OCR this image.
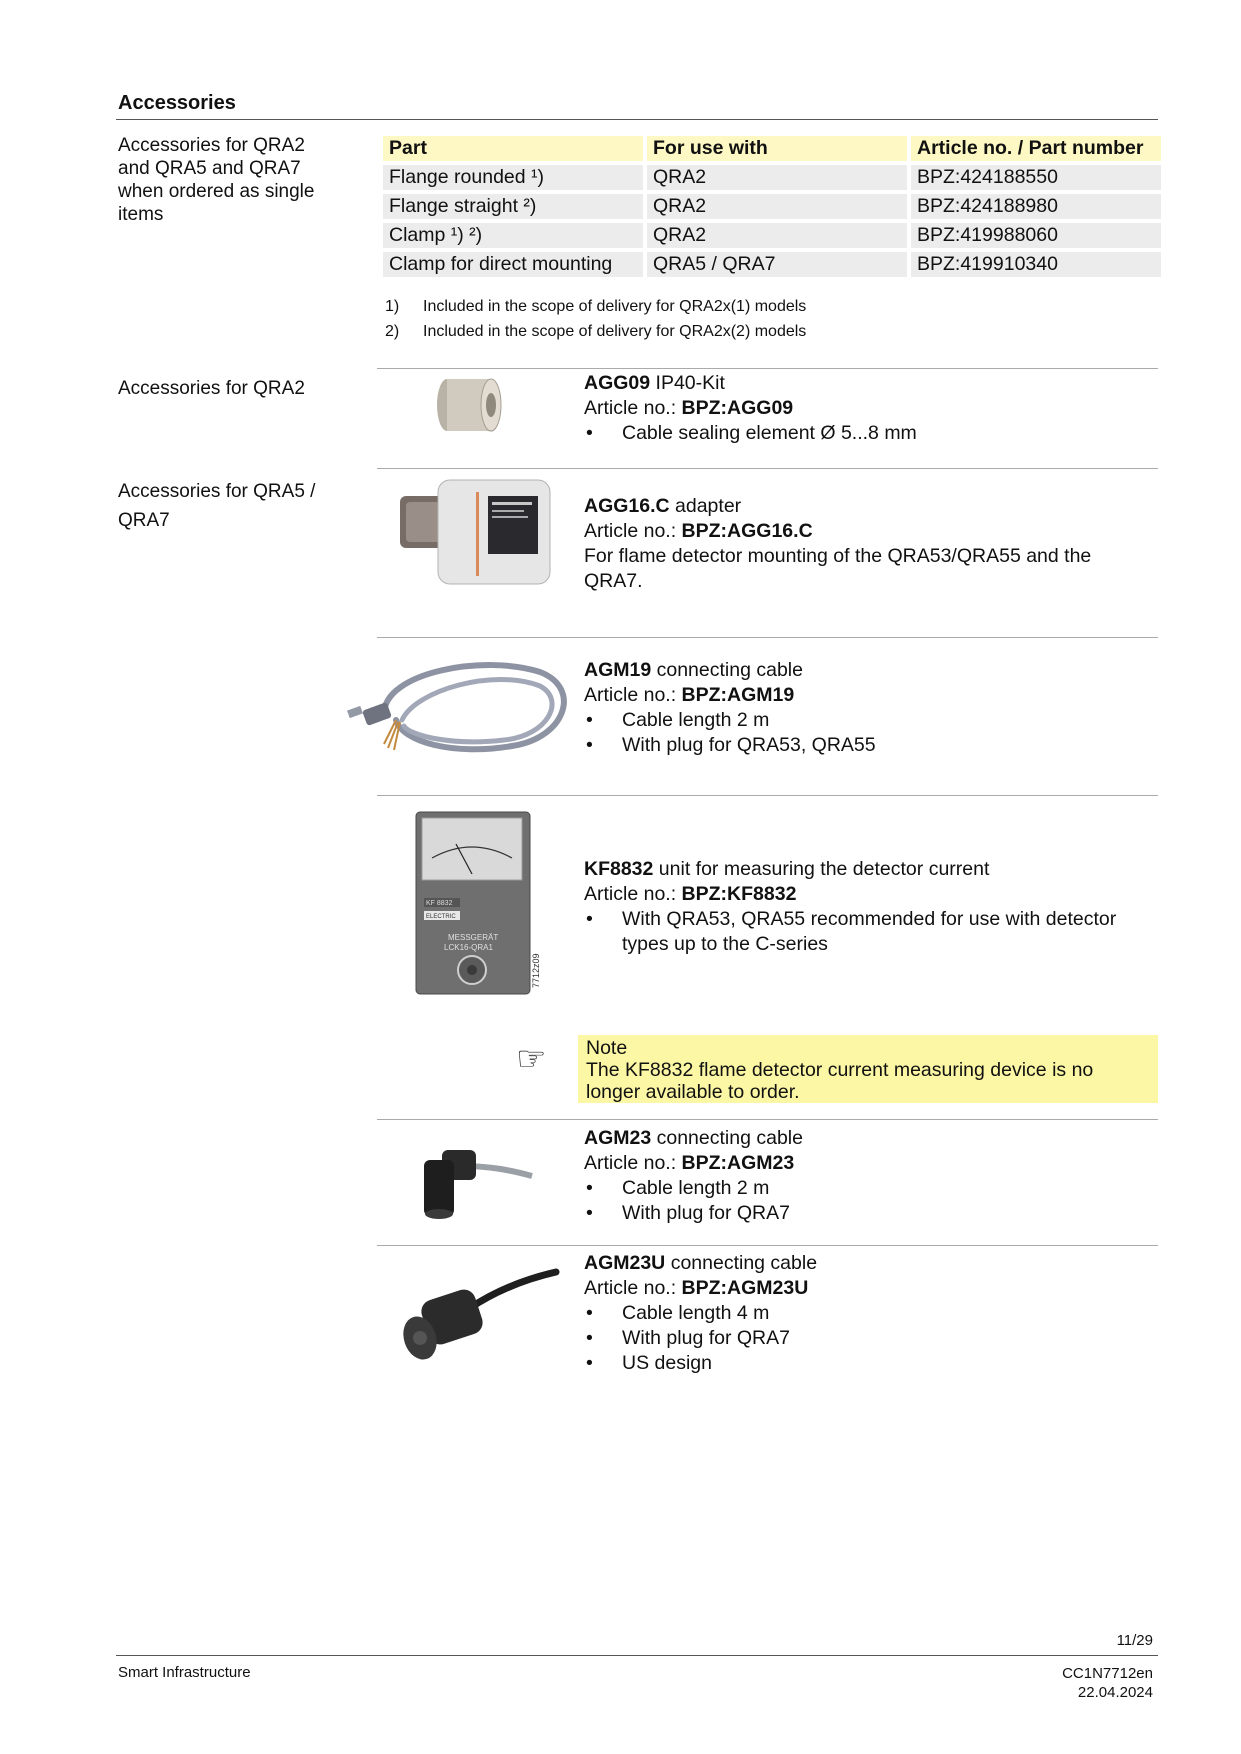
Accessories
Accessories for QRA2
and QRA5 and QRA7
when ordered as single
items
Accessories for QRA2
Accessories for QRA5 /
QRA7
Part	For use with	Article no. / Part number
Flange rounded ¹)	QRA2	BPZ:424188550
Flange straight ²)	QRA2	BPZ:424188980
Clamp ¹) ²)	QRA2	BPZ:419988060
Clamp for direct mounting	QRA5 / QRA7	BPZ:419910340
1) Included in the scope of delivery for QRA2x(1) models
2) Included in the scope of delivery for QRA2x(2) models
AGG09 IP40-Kit
Article no.: BPZ:AGG09
• Cable sealing element Ø 5...8 mm
AGG16.C adapter
Article no.: BPZ:AGG16.C
For flame detector mounting of the QRA53/QRA55 and the
QRA7.
AGM19 connecting cable
Article no.: BPZ:AGM19
• Cable length 2 m
• With plug for QRA53, QRA55
KF 8832
ELECTRIC
MESSGERÄT
LCK16-QRA1
7712z09
KF8832 unit for measuring the detector current
Article no.: BPZ:KF8832
• With QRA53, QRA55 recommended for use with detector
types up to the C-series
☞ Note
The KF8832 flame detector current measuring device is no
longer available to order.
AGM23 connecting cable
Article no.: BPZ:AGM23
• Cable length 2 m
• With plug for QRA7
AGM23U connecting cable
Article no.: BPZ:AGM23U
• Cable length 4 m
• With plug for QRA7
• US design
11/29
Smart Infrastructure	CC1N7712en
22.04.2024
